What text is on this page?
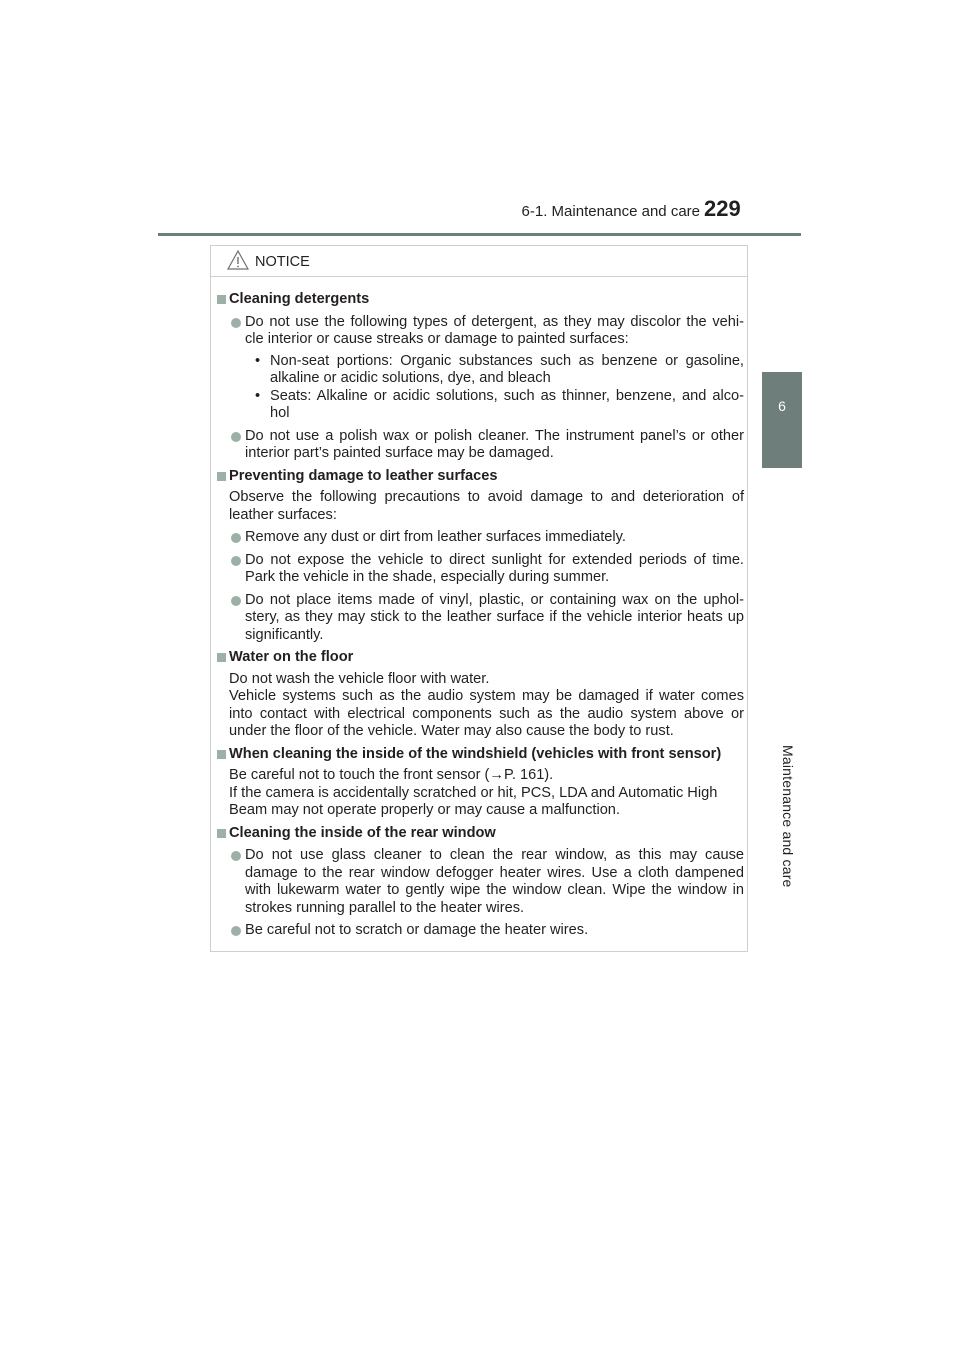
6-1. Maintenance and care 229
6
Maintenance and care
NOTICE
Cleaning detergents
Do not use the following types of detergent, as they may discolor the vehi- cle interior or cause streaks or damage to painted surfaces:
• Non-seat portions: Organic substances such as benzene or gasoline, alkaline or acidic solutions, dye, and bleach
• Seats: Alkaline or acidic solutions, such as thinner, benzene, and alco- hol
Do not use a polish wax or polish cleaner. The instrument panel’s or other interior part’s painted surface may be damaged.
Preventing damage to leather surfaces
Observe the following precautions to avoid damage to and deterioration of leather surfaces:
Remove any dust or dirt from leather surfaces immediately.
Do not expose the vehicle to direct sunlight for extended periods of time. Park the vehicle in the shade, especially during summer.
Do not place items made of vinyl, plastic, or containing wax on the uphol- stery, as they may stick to the leather surface if the vehicle interior heats up significantly.
Water on the floor
Do not wash the vehicle floor with water.
Vehicle systems such as the audio system may be damaged if water comes into contact with electrical components such as the audio system above or under the floor of the vehicle. Water may also cause the body to rust.
When cleaning the inside of the windshield (vehicles with front sensor)
Be careful not to touch the front sensor (→P. 161).
If the camera is accidentally scratched or hit, PCS, LDA and Automatic High Beam may not operate properly or may cause a malfunction.
Cleaning the inside of the rear window
Do not use glass cleaner to clean the rear window, as this may cause damage to the rear window defogger heater wires. Use a cloth dampened with lukewarm water to gently wipe the window clean. Wipe the window in strokes running parallel to the heater wires.
Be careful not to scratch or damage the heater wires.
